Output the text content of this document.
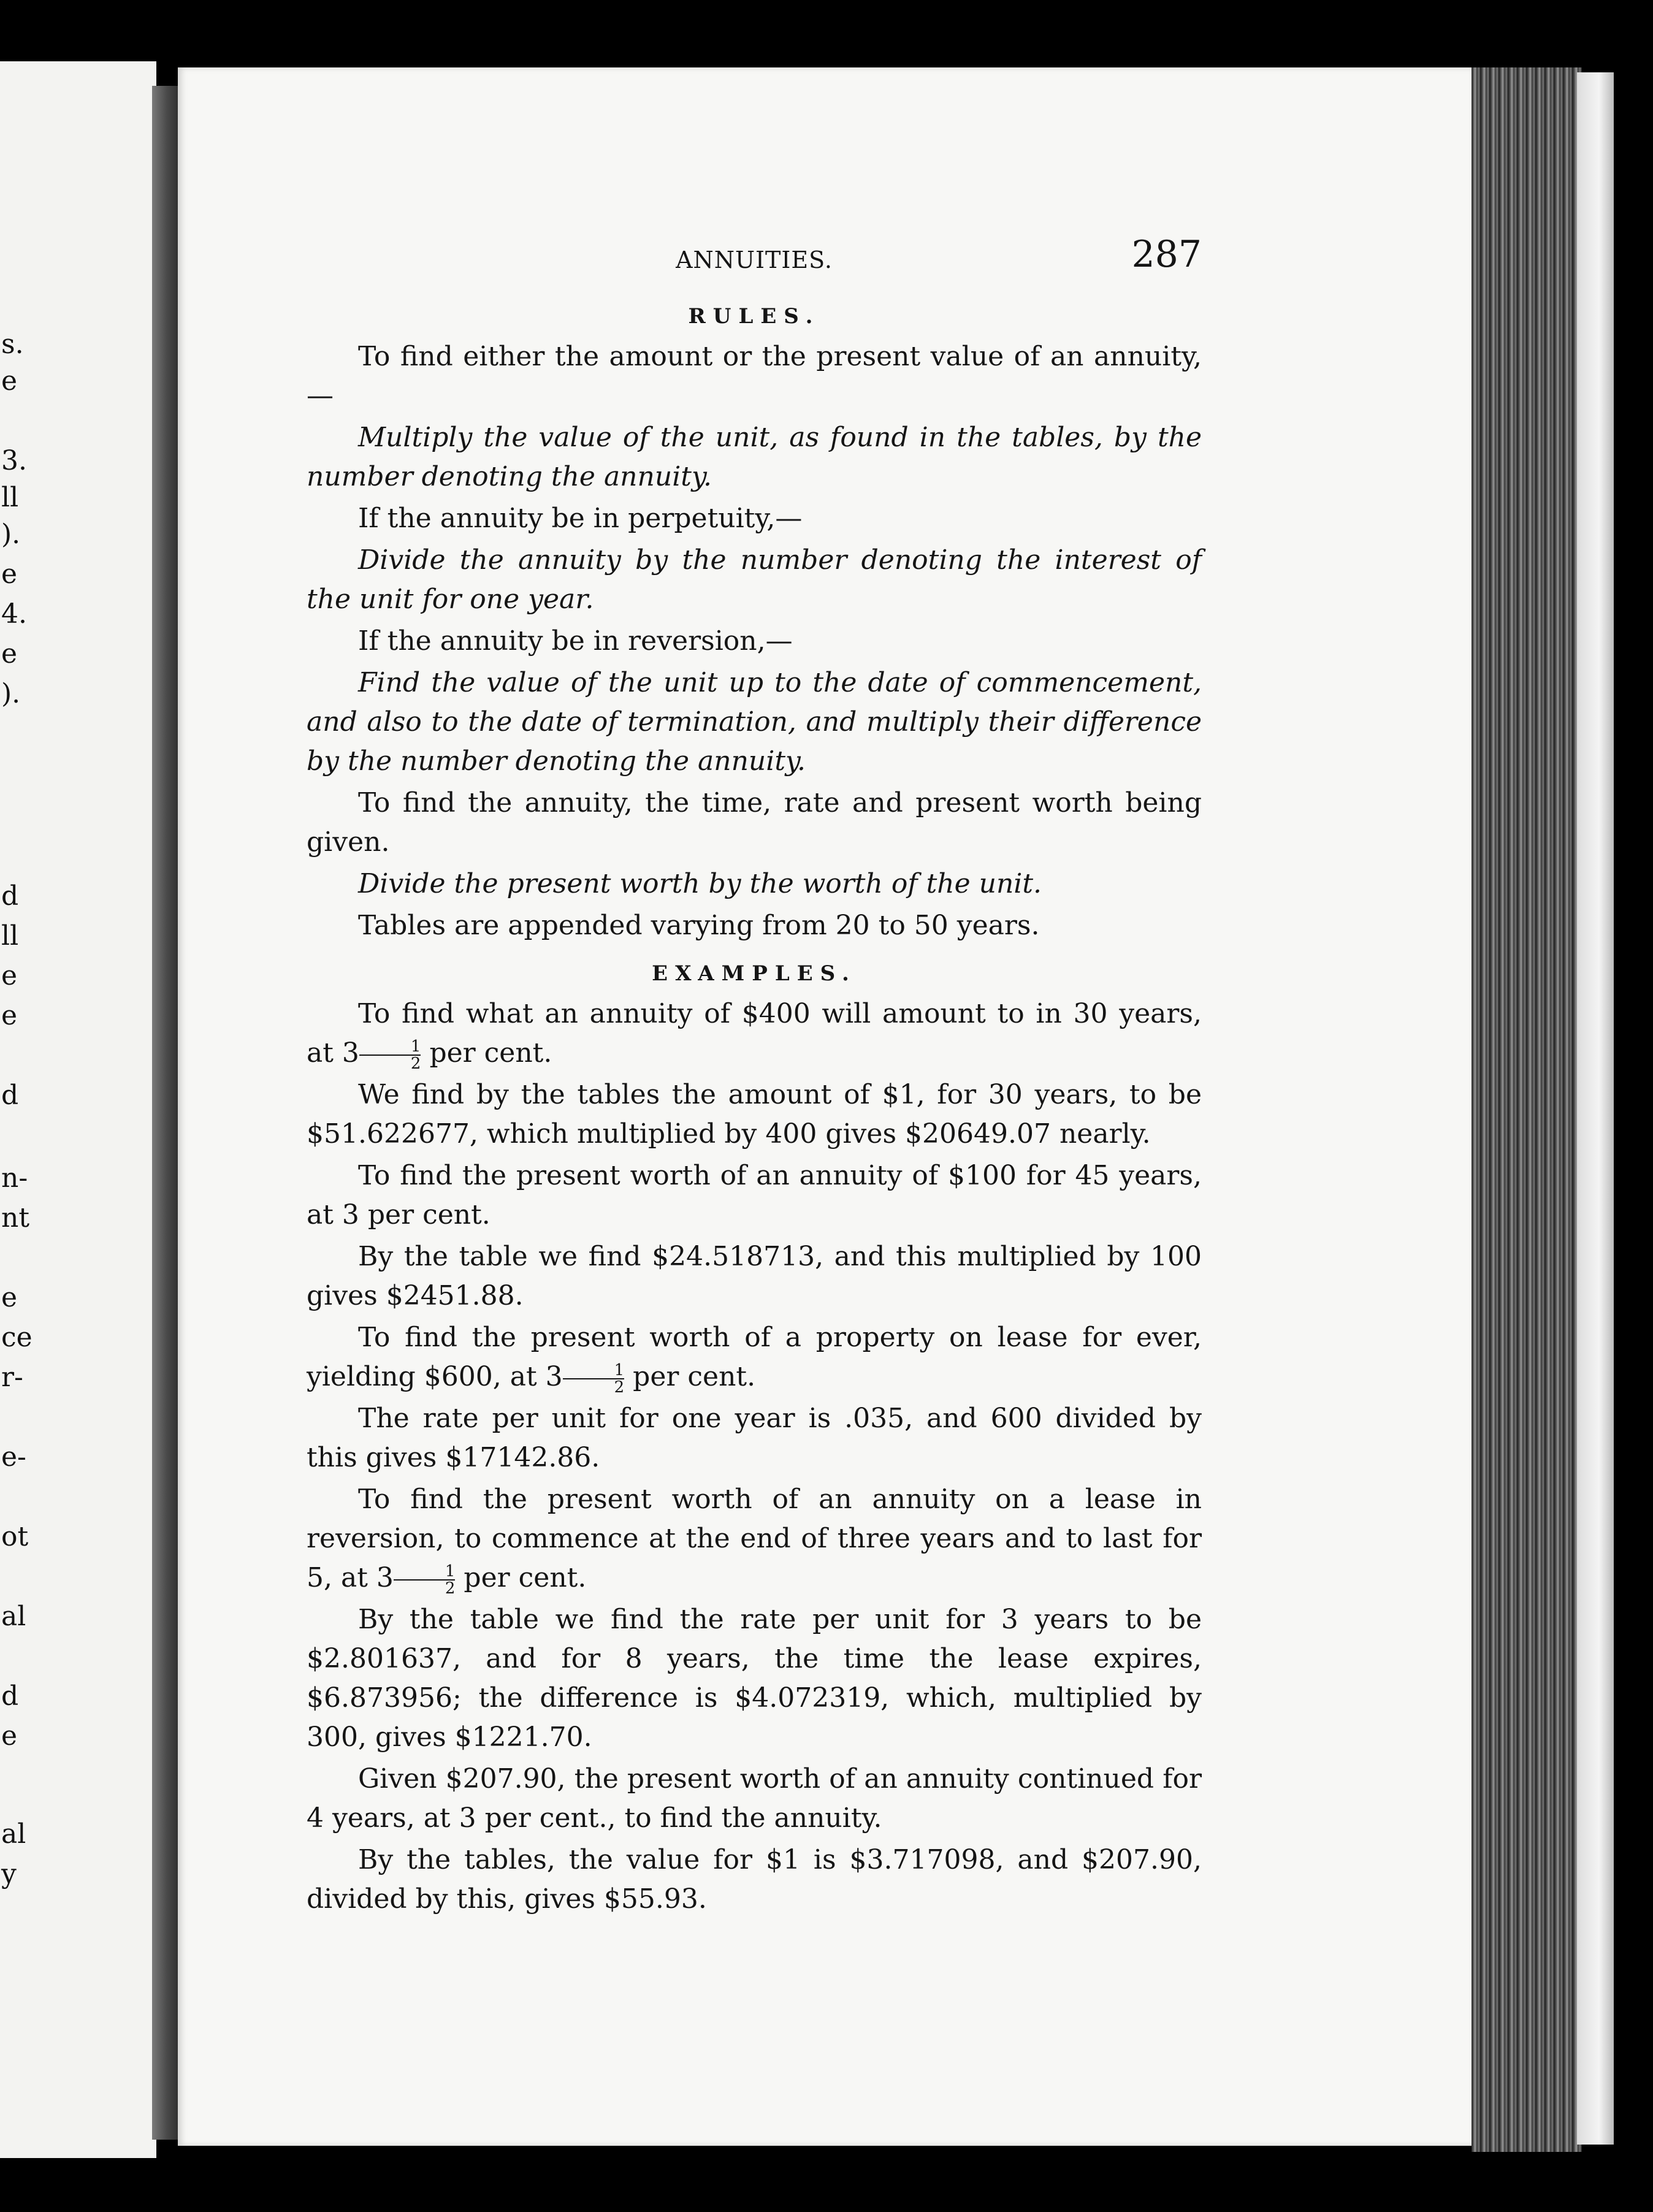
s.
e
3.
ll
).
e
4.
e
).
d
ll
e
e
d
n-
nt
e
ce
r-
e-
ot
al
d
e
al
y
ANNUITIES.	287
RULES.
To find either the amount or the present value of an annuity,—
Multiply the value of the unit, as found in the tables, by the number denoting the annuity.
If the annuity be in perpetuity,—
Divide the annuity by the number denoting the interest of the unit for one year.
If the annuity be in reversion,—
Find the value of the unit up to the date of commencement, and also to the date of termination, and multiply their difference by the number denoting the annuity.
To find the annuity, the time, rate and present worth being given.
Divide the present worth by the worth of the unit.
Tables are appended varying from 20 to 50 years.
EXAMPLES.
To find what an annuity of $400 will amount to in 30 years, at $3 \frac{1}{2}$ per cent.
We find by the tables the amount of $1, for 30 years, to be $51.622677, which multiplied by 400 gives $20649.07 nearly.
To find the present worth of an annuity of $100 for 45 years, at 3 per cent.
By the table we find $24.518713, and this multiplied by 100 gives $2451.88.
To find the present worth of a property on lease for ever, yielding $600, at $3 \frac{1}{2}$ per cent.
The rate per unit for one year is .035, and 600 divided by this gives $17142.86.
To find the present worth of an annuity on a lease in reversion, to commence at the end of three years and to last for 5, at $3 \frac{1}{2}$ per cent.
By the table we find the rate per unit for 3 years to be $2.801637, and for 8 years, the time the lease expires, $6.873956; the difference is $4.072319, which, multiplied by 300, gives $1221.70.
Given $207.90, the present worth of an annuity continued for 4 years, at 3 per cent., to find the annuity.
By the tables, the value for $1 is $3.717098, and $207.90, divided by this, gives $55.93.
